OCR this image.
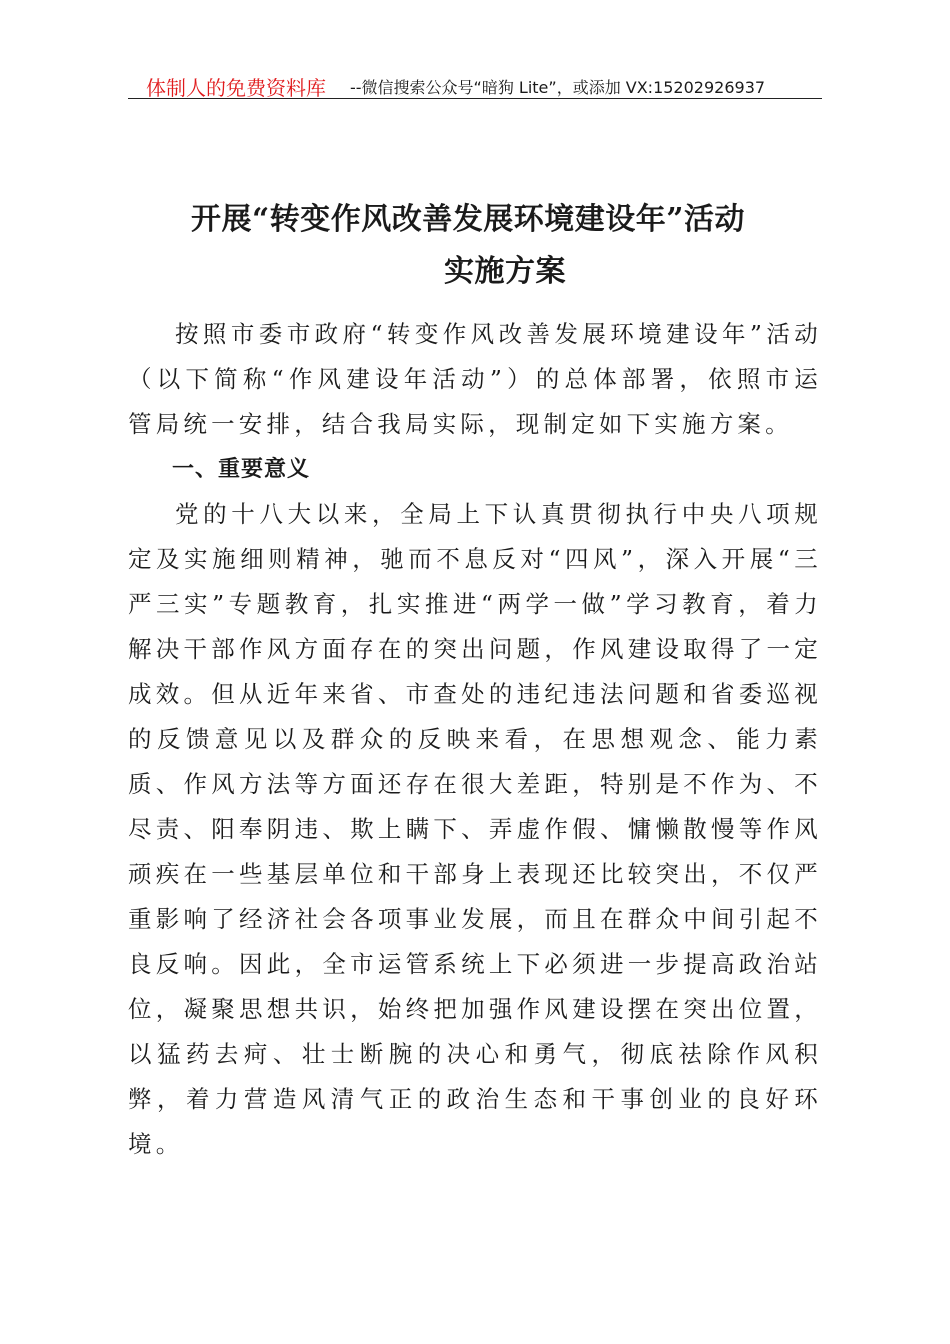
体制人的免费资料库 --微信搜索公众号“暗狗 Lite”，或添加 VX:15202926937
开展“转变作风改善发展环境建设年”活动
实施方案

按照市委市政府“转变作风改善发展环境建设年”活动（以下简称“作风建设年活动”）的总体部署，依照市运管局统一安排，结合我局实际，现制定如下实施方案。

一、重要意义

党的十八大以来，全局上下认真贯彻执行中央八项规定及实施细则精神，驰而不息反对“四风”，深入开展“三严三实”专题教育，扎实推进“两学一做”学习教育，着力解决干部作风方面存在的突出问题，作风建设取得了一定成效。但从近年来省、市查处的违纪违法问题和省委巡视的反馈意见以及群众的反映来看，在思想观念、能力素质、作风方法等方面还存在很大差距，特别是不作为、不尽责、阳奉阴违、欺上瞒下、弄虚作假、慵懒散慢等作风顽疾在一些基层单位和干部身上表现还比较突出，不仅严重影响了经济社会各项事业发展，而且在群众中间引起不良反响。因此，全市运管系统上下必须进一步提高政治站位，凝聚思想共识，始终把加强作风建设摆在突出位置，以猛药去疴、壮士断腕的决心和勇气，彻底祛除作风积弊，着力营造风清气正的政治生态和干事创业的良好环境。
